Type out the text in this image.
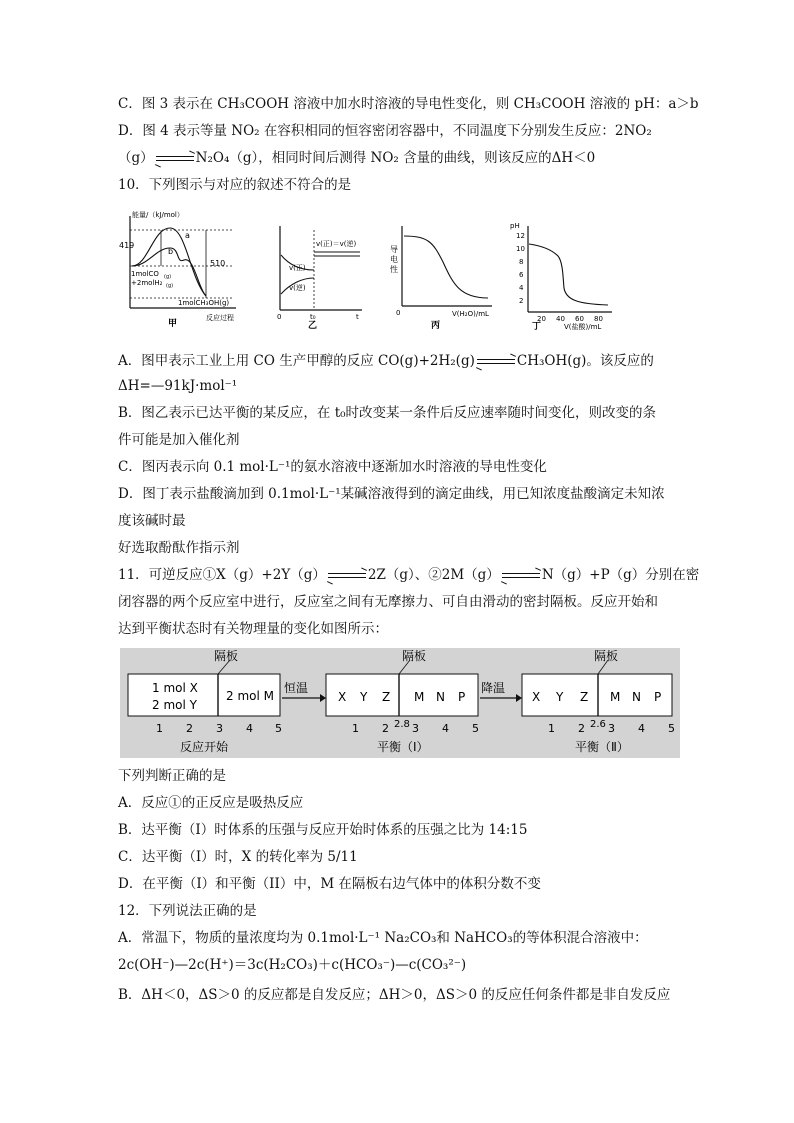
C．图 3 表示在 CH₃COOH 溶液中加水时溶液的导电性变化，则 CH₃COOH 溶液的 pH：a＞b
D．图 4 表示等量 NO₂ 在容积相同的恒容密闭容器中，不同温度下分别发生反应：2NO₂
（g）→N₂O₄（g），相同时间后测得 NO₂ 含量的曲线，则该反应的ΔH＜0
10．下列图示与对应的叙述不符合的是
能量/（kJ/mol）
419
510
a
b
1molCO (g)
+2molH₂ (g)
1molCH₃OH(g)
甲
反应过程
v(正)＝v(逆)
v(正)
v(逆)
0	t₀	t
乙
导
电
性
0	V(H₂O)/mL
丙
pH
12
10
8
6
4
2
20 40 60 80
丁	V(盐酸)/mL
A．图甲表示工业上用 CO 生产甲醇的反应 CO(g)+2H₂(g)→CH₃OH(g)。该反应的
ΔH=—91kJ·mol⁻¹
B．图乙表示已达平衡的某反应，在 t₀时改变某一条件后反应速率随时间变化，则改变的条
件可能是加入催化剂
C．图丙表示向 0.1 mol·L⁻¹的氨水溶液中逐渐加水时溶液的导电性变化
D．图丁表示盐酸滴加到 0.1mol·L⁻¹某碱溶液得到的滴定曲线，用已知浓度盐酸滴定未知浓
度该碱时最
好选取酚酞作指示剂
11．可逆反应①X（g）+2Y（g）→2Z（g）、②2M（g）→N（g）+P（g）分别在密
闭容器的两个反应室中进行，反应室之间有无摩擦力、可自由滑动的密封隔板。反应开始和
达到平衡状态时有关物理量的变化如图所示：
隔板
1 mol X
2 mol Y
2 mol M
1 2 3 4 5
反应开始
恒温
隔板
X Y Z M N P
1 2 2.8 3 4 5
平衡（Ⅰ）
降温
隔板
X Y Z M N P
1 2 2.6 3 4 5
平衡（Ⅱ）
下列判断正确的是
A．反应①的正反应是吸热反应
B．达平衡（I）时体系的压强与反应开始时体系的压强之比为 14:15
C．达平衡（I）时，X 的转化率为 5/11
D．在平衡（I）和平衡（II）中，M 在隔板右边气体中的体积分数不变
12．下列说法正确的是
A．常温下，物质的量浓度均为 0.1mol·L⁻¹ Na₂CO₃和 NaHCO₃的等体积混合溶液中：
2c(OH⁻)—2c(H⁺)＝3c(H₂CO₃)＋c(HCO₃⁻)—c(CO₃²⁻)
B．ΔH＜0，ΔS＞0 的反应都是自发反应；ΔH＞0，ΔS＞0 的反应任何条件都是非自发反应
